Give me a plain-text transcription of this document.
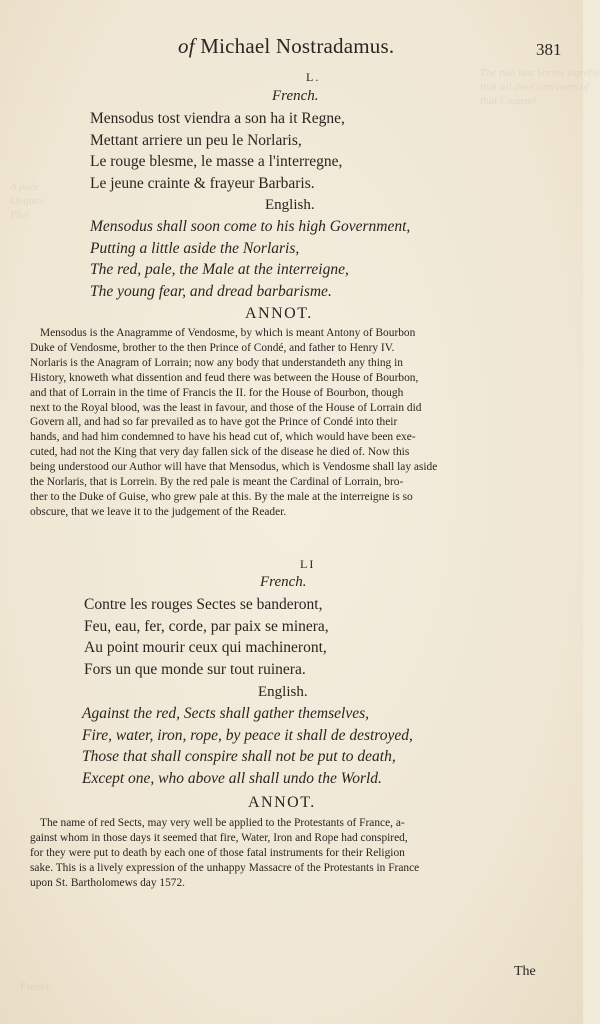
The two last Verses signifie that all the Contrivers of that Counsel
A paix
Onques
Plus
French
of Michael Nostradamus.	381
L.
French.
Mensodus tost viendra a son ha it Regne,
Mettant arriere un peu le Norlaris,
Le rouge blesme, le masse a l'interregne,
Le jeune crainte & frayeur Barbaris.
English.
Mensodus shall soon come to his high Government,
Putting a little aside the Norlaris,
The red, pale, the Male at the interreigne,
The young fear, and dread barbarisme.
ANNOT.
Mensodus is the Anagramme of Vendosme, by which is meant Antony of Bourbon
Duke of Vendosme, brother to the then Prince of Condé, and father to Henry IV.
Norlaris is the Anagram of Lorrain; now any body that understandeth any thing in
History, knoweth what dissention and feud there was between the House of Bourbon,
and that of Lorrain in the time of Francis the II. for the House of Bourbon, though
next to the Royal blood, was the least in favour, and those of the House of Lorrain did
Govern all, and had so far prevailed as to have got the Prince of Condé into their
hands, and had him condemned to have his head cut of, which would have been exe-
cuted, had not the King that very day fallen sick of the disease he died of. Now this
being understood our Author will have that Mensodus, which is Vendosme shall lay aside
the Norlaris, that is Lorrein. By the red pale is meant the Cardinal of Lorrain, bro-
ther to the Duke of Guise, who grew pale at this. By the male at the interreigne is so
obscure, that we leave it to the judgement of the Reader.
LI
French.
Contre les rouges Sectes se banderont,
Feu, eau, fer, corde, par paix se minera,
Au point mourir ceux qui machineront,
Fors un que monde sur tout ruinera.
English.
Against the red, Sects shall gather themselves,
Fire, water, iron, rope, by peace it shall de destroyed,
Those that shall conspire shall not be put to death,
Except one, who above all shall undo the World.
ANNOT.
The name of red Sects, may very well be applied to the Protestants of France, a-
gainst whom in those days it seemed that fire, Water, Iron and Rope had conspired,
for they were put to death by each one of those fatal instruments for their Religion
sake. This is a lively expression of the unhappy Massacre of the Protestants in France
upon St. Bartholomews day 1572.
The
